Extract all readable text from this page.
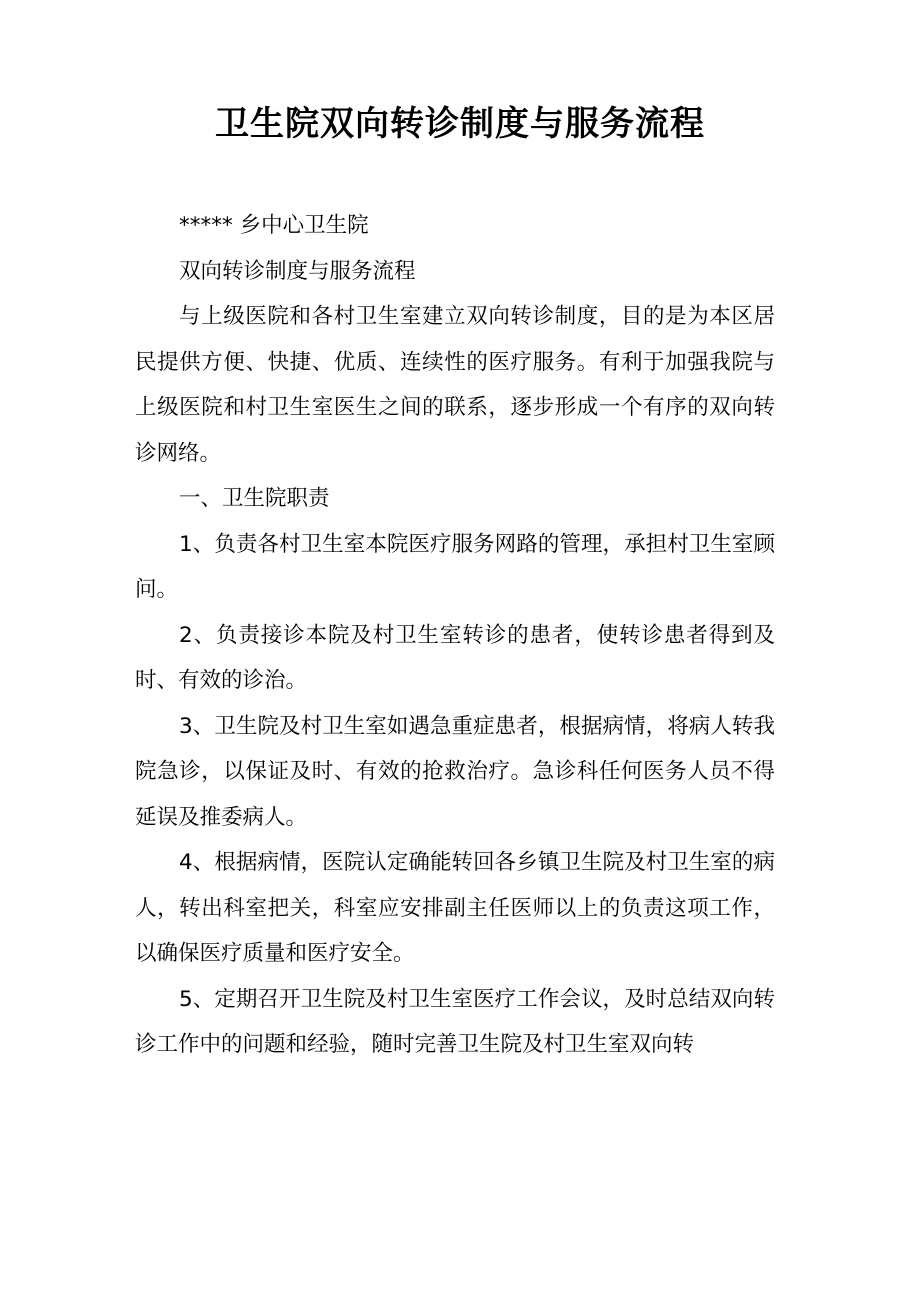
卫生院双向转诊制度与服务流程

***** 乡中心卫生院

双向转诊制度与服务流程

与上级医院和各村卫生室建立双向转诊制度，目的是为本区居民提供方便、快捷、优质、连续性的医疗服务。有利于加强我院与上级医院和村卫生室医生之间的联系，逐步形成一个有序的双向转诊网络。

一、卫生院职责

1、负责各村卫生室本院医疗服务网路的管理，承担村卫生室顾问。

2、负责接诊本院及村卫生室转诊的患者，使转诊患者得到及时、有效的诊治。

3、卫生院及村卫生室如遇急重症患者，根据病情，将病人转我院急诊，以保证及时、有效的抢救治疗。急诊科任何医务人员不得延误及推委病人。

4、根据病情，医院认定确能转回各乡镇卫生院及村卫生室的病人，转出科室把关，科室应安排副主任医师以上的负责这项工作，以确保医疗质量和医疗安全。

5、定期召开卫生院及村卫生室医疗工作会议，及时总结双向转诊工作中的问题和经验，随时完善卫生院及村卫生室双向转
